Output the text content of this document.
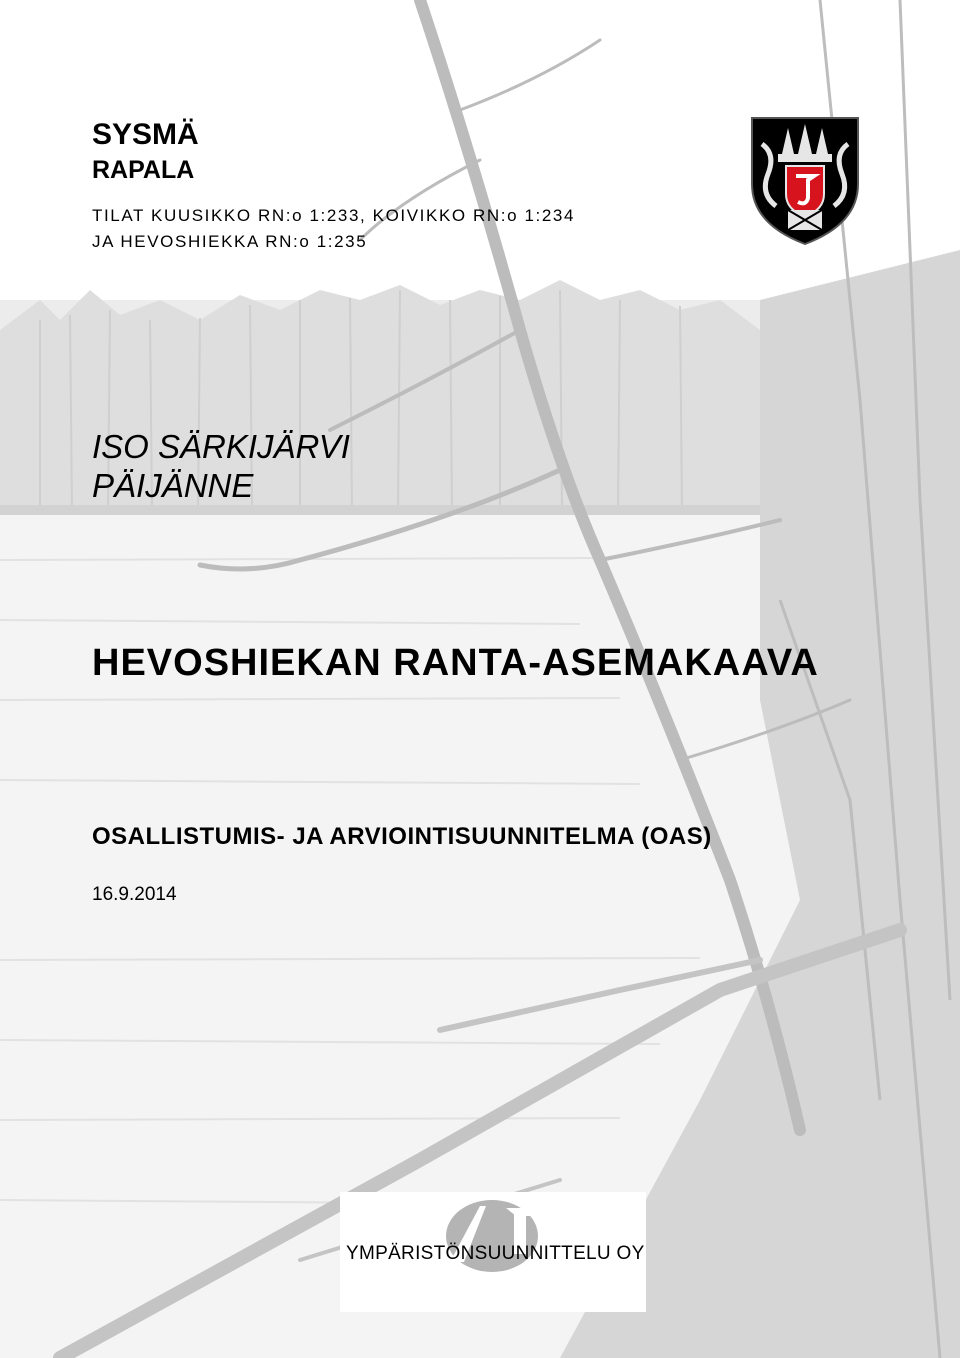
SYSMÄ

RAPALA

TILAT KUUSIKKO RN:o 1:233, KOIVIKKO RN:o 1:234

JA HEVOSHIEKKA RN:o 1:235

ISO SÄRKIJÄRVI

PÄIJÄNNE

HEVOSHIEKAN RANTA-ASEMAKAAVA
OSALLISTUMIS- JA ARVIOINTISUUNNITELMA (OAS)

16.9.2014

YMPÄRISTÖNSUUNNITTELU OY
